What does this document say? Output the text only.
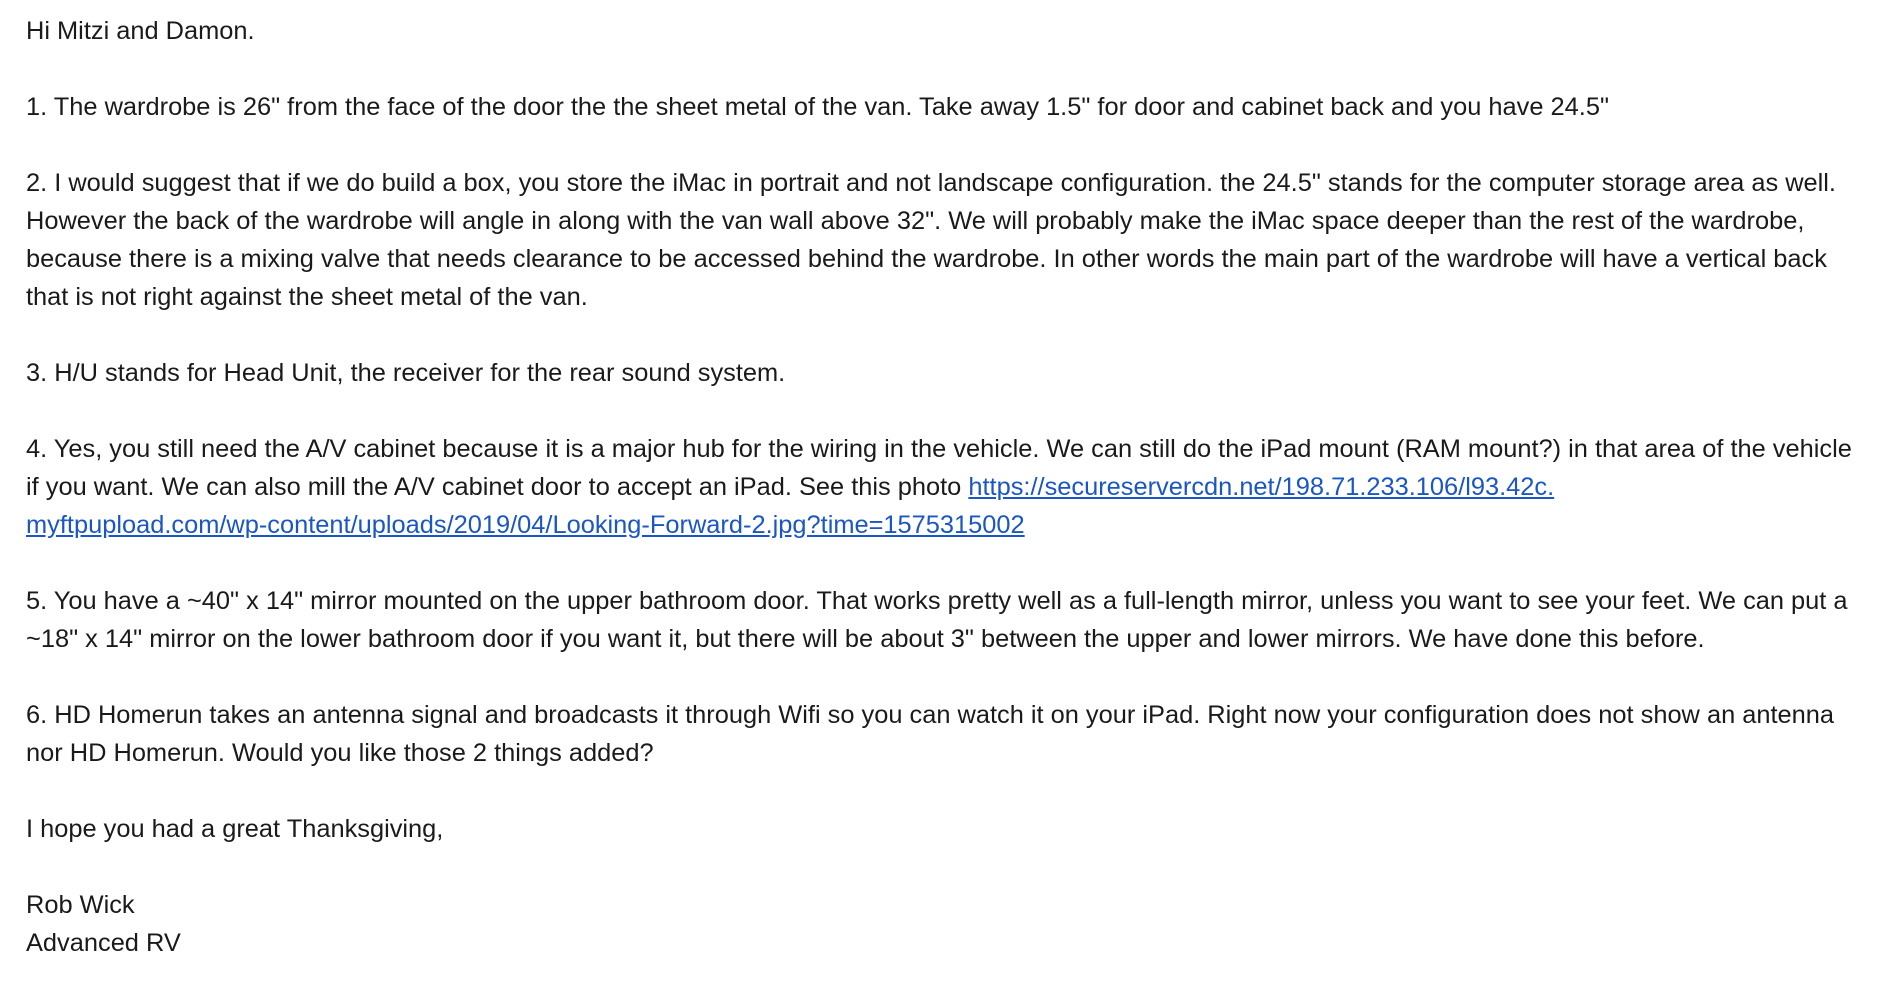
Hi Mitzi and Damon.

1. The wardrobe is 26" from the face of the door the the sheet metal of the van. Take away 1.5" for door and cabinet back and you have 24.5"

2. I would suggest that if we do build a box, you store the iMac in portrait and not landscape configuration. the 24.5" stands for the computer storage area as well. However the back of the wardrobe will angle in along with the van wall above 32". We will probably make the iMac space deeper than the rest of the wardrobe, because there is a mixing valve that needs clearance to be accessed behind the wardrobe. In other words the main part of the wardrobe will have a vertical back that is not right against the sheet metal of the van.

3. H/U stands for Head Unit, the receiver for the rear sound system.

4. Yes, you still need the A/V cabinet because it is a major hub for the wiring in the vehicle. We can still do the iPad mount (RAM mount?) in that area of the vehicle if you want. We can also mill the A/V cabinet door to accept an iPad. See this photo https://secureservercdn.net/198.71.233.106/l93.42c.
myftpupload.com/wp-content/uploads/2019/04/Looking-Forward-2.jpg?time=1575315002

5. You have a ~40" x 14" mirror mounted on the upper bathroom door. That works pretty well as a full-length mirror, unless you want to see your feet. We can put a ~18" x 14" mirror on the lower bathroom door if you want it, but there will be about 3" between the upper and lower mirrors. We have done this before.

6. HD Homerun takes an antenna signal and broadcasts it through Wifi so you can watch it on your iPad. Right now your configuration does not show an antenna nor HD Homerun. Would you like those 2 things added?

I hope you had a great Thanksgiving,

Rob Wick

Advanced RV
